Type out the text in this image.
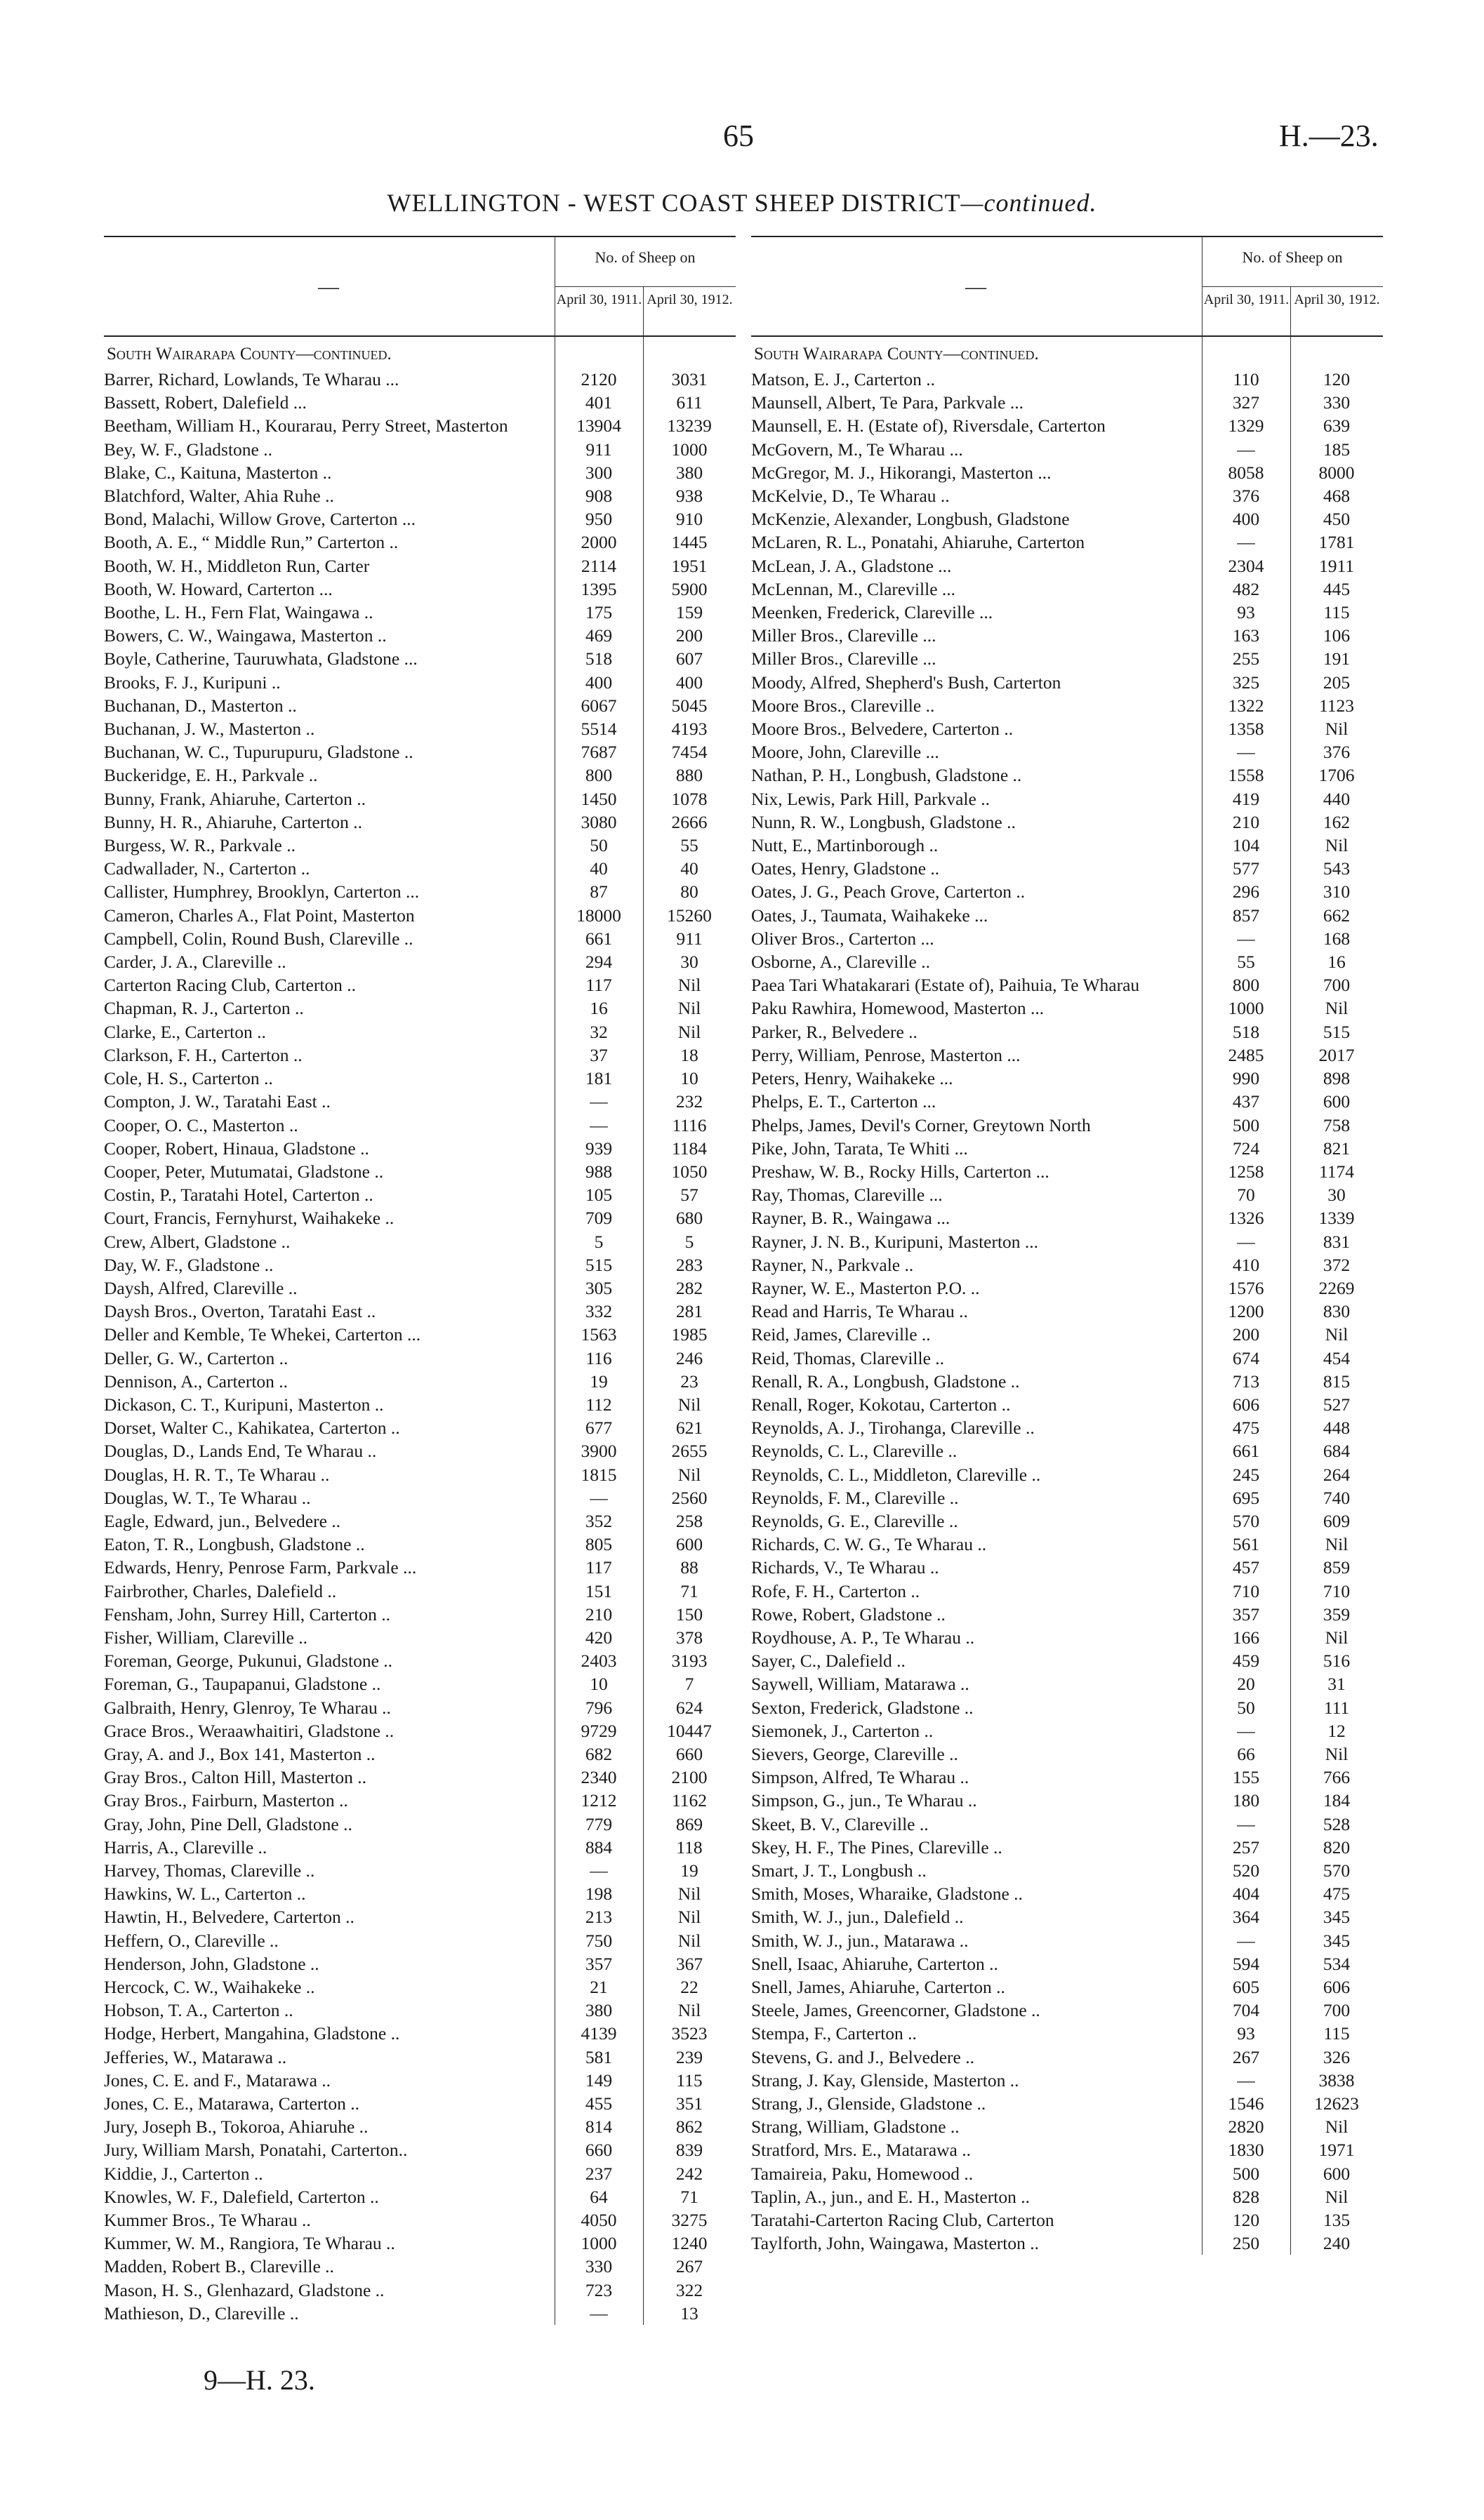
65	H.—23.
WELLINGTON - WEST COAST SHEEP DISTRICT—continued.
—
No. of Sheep on
April 30, 1911. April 30, 1912.
South Wairarapa County—continued.
Barrer, Richard, Lowlands, Te Wharau ...	2120	3031
Bassett, Robert, Dalefield ...	401	611
Beetham, William H., Kourarau, Perry Street, Masterton	13904	13239
Bey, W. F., Gladstone ..	911	1000
Blake, C., Kaituna, Masterton ..	300	380
Blatchford, Walter, Ahia Ruhe ..	908	938
Bond, Malachi, Willow Grove, Carterton ...	950	910
Booth, A. E., “ Middle Run,” Carterton ..	2000	1445
Booth, W. H., Middleton Run, Carter	2114	1951
Booth, W. Howard, Carterton ...	1395	5900
Boothe, L. H., Fern Flat, Waingawa ..	175	159
Bowers, C. W., Waingawa, Masterton ..	469	200
Boyle, Catherine, Tauruwhata, Gladstone ...	518	607
Brooks, F. J., Kuripuni ..	400	400
Buchanan, D., Masterton ..	6067	5045
Buchanan, J. W., Masterton ..	5514	4193
Buchanan, W. C., Tupurupuru, Gladstone ..	7687	7454
Buckeridge, E. H., Parkvale ..	800	880
Bunny, Frank, Ahiaruhe, Carterton ..	1450	1078
Bunny, H. R., Ahiaruhe, Carterton ..	3080	2666
Burgess, W. R., Parkvale ..	50	55
Cadwallader, N., Carterton ..	40	40
Callister, Humphrey, Brooklyn, Carterton ...	87	80
Cameron, Charles A., Flat Point, Masterton	18000	15260
Campbell, Colin, Round Bush, Clareville ..	661	911
Carder, J. A., Clareville ..	294	30
Carterton Racing Club, Carterton ..	117	Nil
Chapman, R. J., Carterton ..	16	Nil
Clarke, E., Carterton ..	32	Nil
Clarkson, F. H., Carterton ..	37	18
Cole, H. S., Carterton ..	181	10
Compton, J. W., Taratahi East ..	—	232
Cooper, O. C., Masterton ..	—	1116
Cooper, Robert, Hinaua, Gladstone ..	939	1184
Cooper, Peter, Mutumatai, Gladstone ..	988	1050
Costin, P., Taratahi Hotel, Carterton ..	105	57
Court, Francis, Fernyhurst, Waihakeke ..	709	680
Crew, Albert, Gladstone ..	5	5
Day, W. F., Gladstone ..	515	283
Daysh, Alfred, Clareville ..	305	282
Daysh Bros., Overton, Taratahi East ..	332	281
Deller and Kemble, Te Whekei, Carterton ...	1563	1985
Deller, G. W., Carterton ..	116	246
Dennison, A., Carterton ..	19	23
Dickason, C. T., Kuripuni, Masterton ..	112	Nil
Dorset, Walter C., Kahikatea, Carterton ..	677	621
Douglas, D., Lands End, Te Wharau ..	3900	2655
Douglas, H. R. T., Te Wharau ..	1815	Nil
Douglas, W. T., Te Wharau ..	—	2560
Eagle, Edward, jun., Belvedere ..	352	258
Eaton, T. R., Longbush, Gladstone ..	805	600
Edwards, Henry, Penrose Farm, Parkvale ...	117	88
Fairbrother, Charles, Dalefield ..	151	71
Fensham, John, Surrey Hill, Carterton ..	210	150
Fisher, William, Clareville ..	420	378
Foreman, George, Pukunui, Gladstone ..	2403	3193
Foreman, G., Taupapanui, Gladstone ..	10	7
Galbraith, Henry, Glenroy, Te Wharau ..	796	624
Grace Bros., Weraawhaitiri, Gladstone ..	9729	10447
Gray, A. and J., Box 141, Masterton ..	682	660
Gray Bros., Calton Hill, Masterton ..	2340	2100
Gray Bros., Fairburn, Masterton ..	1212	1162
Gray, John, Pine Dell, Gladstone ..	779	869
Harris, A., Clareville ..	884	118
Harvey, Thomas, Clareville ..	—	19
Hawkins, W. L., Carterton ..	198	Nil
Hawtin, H., Belvedere, Carterton ..	213	Nil
Heffern, O., Clareville ..	750	Nil
Henderson, John, Gladstone ..	357	367
Hercock, C. W., Waihakeke ..	21	22
Hobson, T. A., Carterton ..	380	Nil
Hodge, Herbert, Mangahina, Gladstone ..	4139	3523
Jefferies, W., Matarawa ..	581	239
Jones, C. E. and F., Matarawa ..	149	115
Jones, C. E., Matarawa, Carterton ..	455	351
Jury, Joseph B., Tokoroa, Ahiaruhe ..	814	862
Jury, William Marsh, Ponatahi, Carterton..	660	839
Kiddie, J., Carterton ..	237	242
Knowles, W. F., Dalefield, Carterton ..	64	71
Kummer Bros., Te Wharau ..	4050	3275
Kummer, W. M., Rangiora, Te Wharau ..	1000	1240
Madden, Robert B., Clareville ..	330	267
Mason, H. S., Glenhazard, Gladstone ..	723	322
Mathieson, D., Clareville ..	—	13
—
No. of Sheep on
April 30, 1911. April 30, 1912.
South Wairarapa County—continued.
Matson, E. J., Carterton ..	110	120
Maunsell, Albert, Te Para, Parkvale ...	327	330
Maunsell, E. H. (Estate of), Riversdale, Carterton	1329	639
McGovern, M., Te Wharau ...	—	185
McGregor, M. J., Hikorangi, Masterton ...	8058	8000
McKelvie, D., Te Wharau ..	376	468
McKenzie, Alexander, Longbush, Gladstone	400	450
McLaren, R. L., Ponatahi, Ahiaruhe, Carterton	—	1781
McLean, J. A., Gladstone ...	2304	1911
McLennan, M., Clareville ...	482	445
Meenken, Frederick, Clareville ...	93	115
Miller Bros., Clareville ...	163	106
Miller Bros., Clareville ...	255	191
Moody, Alfred, Shepherd's Bush, Carterton	325	205
Moore Bros., Clareville ..	1322	1123
Moore Bros., Belvedere, Carterton ..	1358	Nil
Moore, John, Clareville ...	—	376
Nathan, P. H., Longbush, Gladstone ..	1558	1706
Nix, Lewis, Park Hill, Parkvale ..	419	440
Nunn, R. W., Longbush, Gladstone ..	210	162
Nutt, E., Martinborough ..	104	Nil
Oates, Henry, Gladstone ..	577	543
Oates, J. G., Peach Grove, Carterton ..	296	310
Oates, J., Taumata, Waihakeke ...	857	662
Oliver Bros., Carterton ...	—	168
Osborne, A., Clareville ..	55	16
Paea Tari Whatakarari (Estate of), Paihuia, Te Wharau	800	700
Paku Rawhira, Homewood, Masterton ...	1000	Nil
Parker, R., Belvedere ..	518	515
Perry, William, Penrose, Masterton ...	2485	2017
Peters, Henry, Waihakeke ...	990	898
Phelps, E. T., Carterton ...	437	600
Phelps, James, Devil's Corner, Greytown North	500	758
Pike, John, Tarata, Te Whiti ...	724	821
Preshaw, W. B., Rocky Hills, Carterton ...	1258	1174
Ray, Thomas, Clareville ...	70	30
Rayner, B. R., Waingawa ...	1326	1339
Rayner, J. N. B., Kuripuni, Masterton ...	—	831
Rayner, N., Parkvale ..	410	372
Rayner, W. E., Masterton P.O. ..	1576	2269
Read and Harris, Te Wharau ..	1200	830
Reid, James, Clareville ..	200	Nil
Reid, Thomas, Clareville ..	674	454
Renall, R. A., Longbush, Gladstone ..	713	815
Renall, Roger, Kokotau, Carterton ..	606	527
Reynolds, A. J., Tirohanga, Clareville ..	475	448
Reynolds, C. L., Clareville ..	661	684
Reynolds, C. L., Middleton, Clareville ..	245	264
Reynolds, F. M., Clareville ..	695	740
Reynolds, G. E., Clareville ..	570	609
Richards, C. W. G., Te Wharau ..	561	Nil
Richards, V., Te Wharau ..	457	859
Rofe, F. H., Carterton ..	710	710
Rowe, Robert, Gladstone ..	357	359
Roydhouse, A. P., Te Wharau ..	166	Nil
Sayer, C., Dalefield ..	459	516
Saywell, William, Matarawa ..	20	31
Sexton, Frederick, Gladstone ..	50	111
Siemonek, J., Carterton ..	—	12
Sievers, George, Clareville ..	66	Nil
Simpson, Alfred, Te Wharau ..	155	766
Simpson, G., jun., Te Wharau ..	180	184
Skeet, B. V., Clareville ..	—	528
Skey, H. F., The Pines, Clareville ..	257	820
Smart, J. T., Longbush ..	520	570
Smith, Moses, Wharaike, Gladstone ..	404	475
Smith, W. J., jun., Dalefield ..	364	345
Smith, W. J., jun., Matarawa ..	—	345
Snell, Isaac, Ahiaruhe, Carterton ..	594	534
Snell, James, Ahiaruhe, Carterton ..	605	606
Steele, James, Greencorner, Gladstone ..	704	700
Stempa, F., Carterton ..	93	115
Stevens, G. and J., Belvedere ..	267	326
Strang, J. Kay, Glenside, Masterton ..	—	3838
Strang, J., Glenside, Gladstone ..	1546	12623
Strang, William, Gladstone ..	2820	Nil
Stratford, Mrs. E., Matarawa ..	1830	1971
Tamaireia, Paku, Homewood ..	500	600
Taplin, A., jun., and E. H., Masterton ..	828	Nil
Taratahi-Carterton Racing Club, Carterton	120	135
Taylforth, John, Waingawa, Masterton ..	250	240
9—H. 23.
